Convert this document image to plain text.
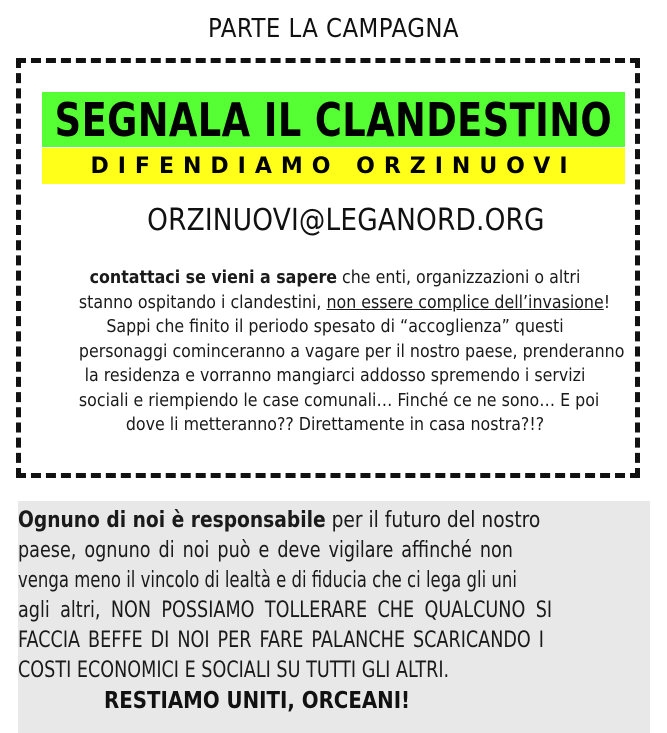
PARTE LA CAMPAGNA
SEGNALA IL CLANDESTINO
DIFENDIAMO ORZINUOVI
ORZINUOVI@LEGANORD.ORG
contattaci se vieni a sapere che enti, organizzazioni o altri
stanno ospitando i clandestini, non essere complice dell’invasione!
Sappi che finito il periodo spesato di “accoglienza” questi
personaggi cominceranno a vagare per il nostro paese, prenderanno
la residenza e vorranno mangiarci addosso spremendo i servizi
sociali e riempiendo le case comunali… Finché ce ne sono… E poi
dove li metteranno?? Direttamente in casa nostra?!?
Ognuno di noi è responsabile per il futuro del nostro
paese, ognuno di noi può e deve vigilare affinché non
venga meno il vincolo di lealtà e di fiducia che ci lega gli uni
agli altri, NON POSSIAMO TOLLERARE CHE QUALCUNO SI
FACCIA BEFFE DI NOI PER FARE PALANCHE SCARICANDO I
COSTI ECONOMICI E SOCIALI SU TUTTI GLI ALTRI.
RESTIAMO UNITI, ORCEANI!
